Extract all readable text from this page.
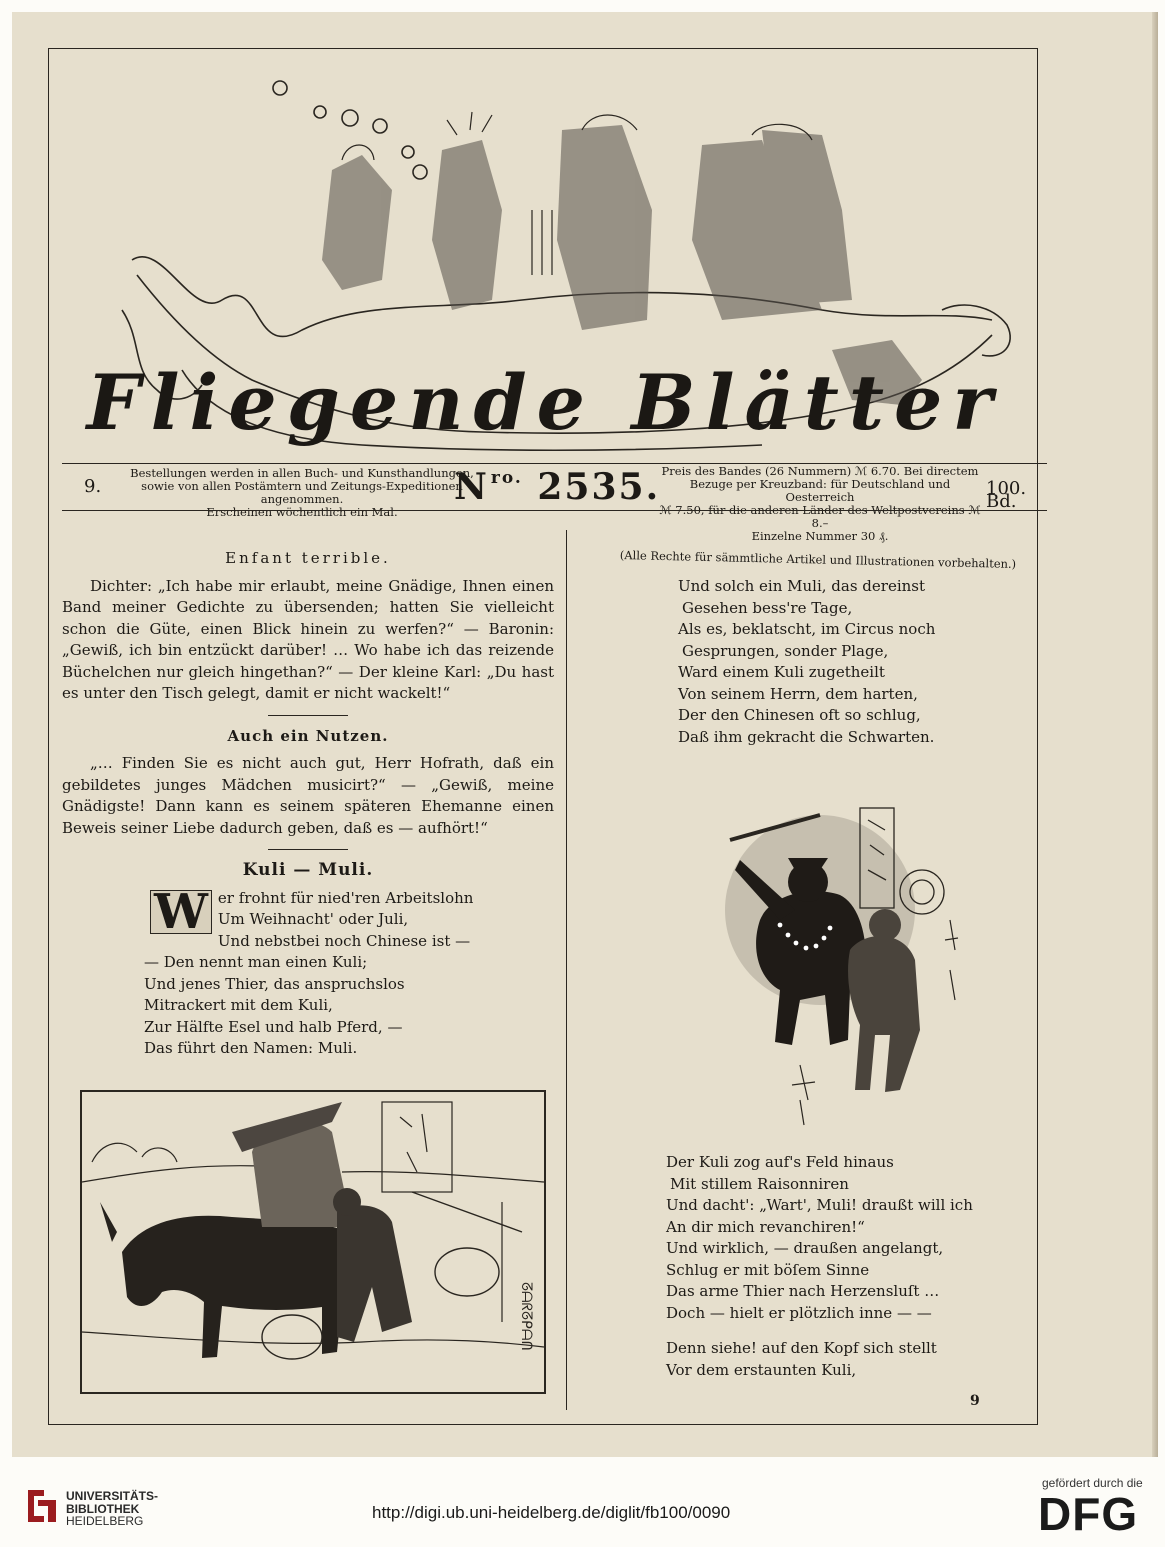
Fliegende Blätter
9.
Bestellungen werden in allen Buch- und Kunsthandlungen, sowie von allen Postämtern und Zeitungs-Expeditionen angenommen.
Erscheinen wöchentlich ein Mal.
N $^{ro.}$ 2535. Preis des Bandes (26 Nummern) ℳ 6.70. Bei directem
Bezuge per Kreuzband: für Deutschland und Oesterreich
ℳ 7.50, für die anderen Länder des Weltpostvereins ℳ 8.–
Einzelne Nummer 30 ₰.
100. Bd.
Enfant terrible.

Dichter: „Ich habe mir erlaubt, meine Gnädige, Ihnen einen Band meiner Gedichte zu übersenden; hatten Sie vielleicht schon die Güte, einen Blick hinein zu werfen?“ — Baronin: „Gewiß, ich bin entzückt darüber! … Wo habe ich das reizende Büchelchen nur gleich hingethan?“ — Der kleine Karl: „Du hast es unter den Tisch gelegt, damit er nicht wackelt!“

Auch ein Nutzen.

„… Finden Sie es nicht auch gut, Herr Hofrath, daß ein gebildetes junges Mädchen musicirt?“ — „Gewiß, meine Gnädigste! Dann kann es seinem späteren Ehemanne einen Beweis seiner Liebe dadurch geben, daß es — aufhört!“

Kuli — Muli.
W er frohnt für nied'ren Arbeitslohn
Um Weihnacht' oder Juli,
Und nebstbei noch Chinese ist —
— Den nennt man einen Kuli;
Und jenes Thier, das anspruchslos
Mitrackert mit dem Kuli,
Zur Hälfte Esel und halb Pferd, —
Das führt den Namen: Muli.
ᘔᗩᖇᘔᑭᗩᑎ
(Alle Rechte für sämmtliche Artikel und Illustrationen vorbehalten.)
Und solch ein Muli, das dereinst
Gesehen bess're Tage,
Als es, beklatscht, im Circus noch
Gesprungen, sonder Plage,
Ward einem Kuli zugetheilt
Von seinem Herrn, dem harten,
Der den Chinesen oft so schlug,
Daß ihm gekracht die Schwarten.
Der Kuli zog auf's Feld hinaus
Mit stillem Raisonniren
Und dacht': „Wart', Muli! draußt will ich
An dir mich revanchiren!“
Und wirklich, — draußen angelangt,
Schlug er mit böſem Sinne
Das arme Thier nach Herzensluſt …
Doch — hielt er plötzlich inne — —
Denn siehe! auf den Kopf sich stellt
Vor dem erstaunten Kuli,
9
UNIVERSITÄTS-
BIBLIOTHEK
HEIDELBERG	http://digi.ub.uni-heidelberg.de/diglit/fb100/0090
gefördert durch die
DFG
